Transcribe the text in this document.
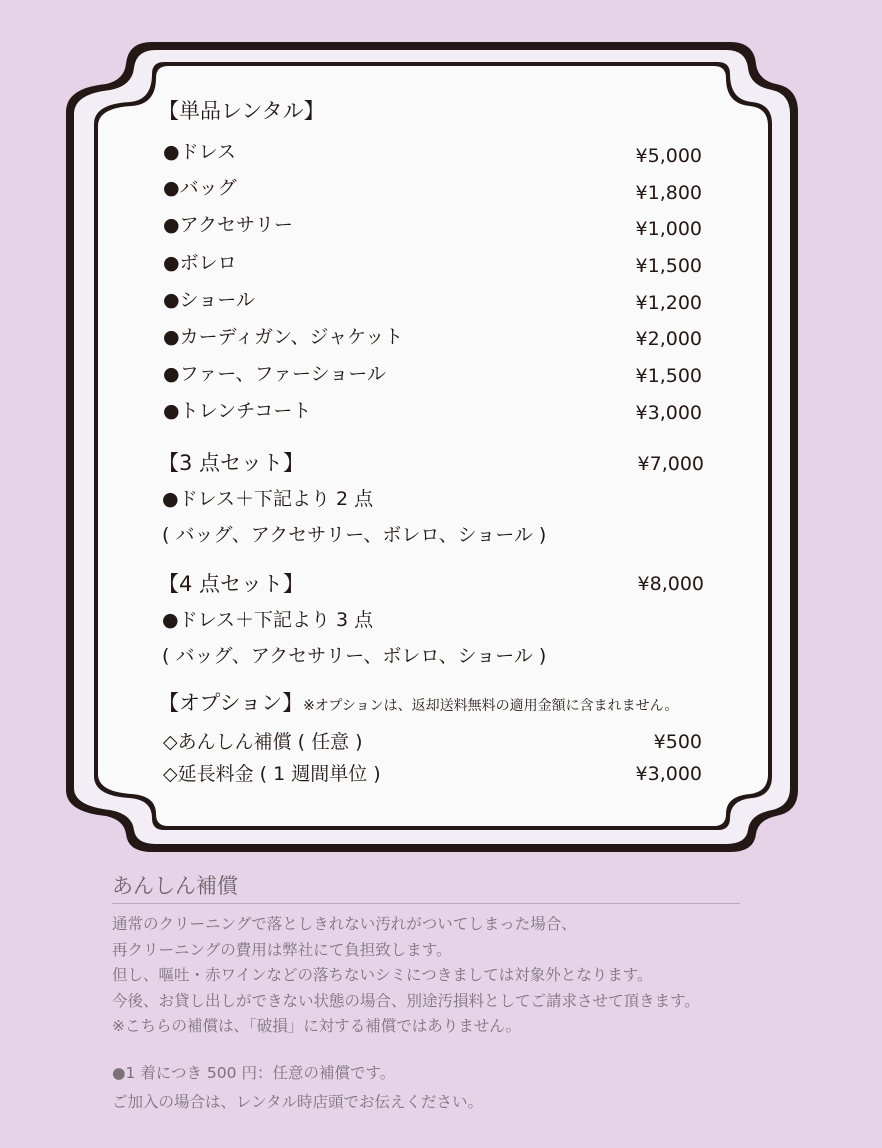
【単品レンタル】
●ドレス	¥5,000
●バッグ	¥1,800
●アクセサリー	¥1,000
●ボレロ	¥1,500
●ショール	¥1,200
●カーディガン、ジャケット	¥2,000
●ファー、ファーショール	¥1,500
●トレンチコート	¥3,000
【3 点セット】	¥7,000
●ドレス＋下記より 2 点
( バッグ、アクセサリー、ボレロ、ショール )
【4 点セット】	¥8,000
●ドレス＋下記より 3 点
( バッグ、アクセサリー、ボレロ、ショール )
【オプション】※オプションは、返却送料無料の適用金額に含まれません。
◇あんしん補償 ( 任意 )	¥500
◇延長料金 ( 1 週間単位 )	¥3,000
あんしん補償
通常のクリーニングで落としきれない汚れがついてしまった場合、
再クリーニングの費用は弊社にて負担致します。
但し、嘔吐・赤ワインなどの落ちないシミにつきましては対象外となります。
今後、お貸し出しができない状態の場合、別途汚損料としてご請求させて頂きます。
※こちらの補償は、「破損」に対する補償ではありません。
●1 着につき 500 円：任意の補償です。
ご加入の場合は、レンタル時店頭でお伝えください。
